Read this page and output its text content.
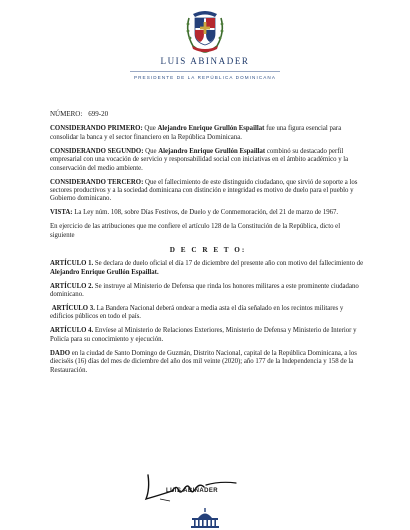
LUIS ABINADER
PRESIDENTE DE LA REPÚBLICA DOMINICANA

NÚMERO: 699-20

CONSIDERANDO PRIMERO: Que Alejandro Enrique Grullón Espaillat fue una figura esencial para consolidar la banca y el sector financiero en la República Dominicana.

CONSIDERANDO SEGUNDO: Que Alejandro Enrique Grullón Espaillat combinó su destacado perfil empresarial con una vocación de servicio y responsabilidad social con iniciativas en el ámbito académico y la conservación del medio ambiente.

CONSIDERANDO TERCERO: Que el fallecimiento de este distinguido ciudadano, que sirvió de soporte a los sectores productivos y a la sociedad dominicana con distinción e integridad es motivo de duelo para el pueblo y Gobierno dominicano.

VISTA: La Ley núm. 108, sobre Días Festivos, de Duelo y de Conmemoración, del 21 de marzo de 1967.

En ejercicio de las atribuciones que me confiere el artículo 128 de la Constitución de la República, dicto el siguiente

D E C R E T O:

ARTÍCULO 1. Se declara de duelo oficial el día 17 de diciembre del presente año con motivo del fallecimiento de Alejandro Enrique Grullón Espaillat.

ARTÍCULO 2. Se instruye al Ministerio de Defensa que rinda los honores militares a este prominente ciudadano dominicano.

ARTÍCULO 3. La Bandera Nacional deberá ondear a media asta el día señalado en los recintos militares y edificios públicos en todo el país.

ARTÍCULO 4. Envíese al Ministerio de Relaciones Exteriores, Ministerio de Defensa y Ministerio de Interior y Policía para su conocimiento y ejecución.

DADO en la ciudad de Santo Domingo de Guzmán, Distrito Nacional, capital de la República Dominicana, a los dieciséis (16) días del mes de diciembre del año dos mil veinte (2020); año 177 de la Independencia y 158 de la Restauración.

LUIS ABINADER
